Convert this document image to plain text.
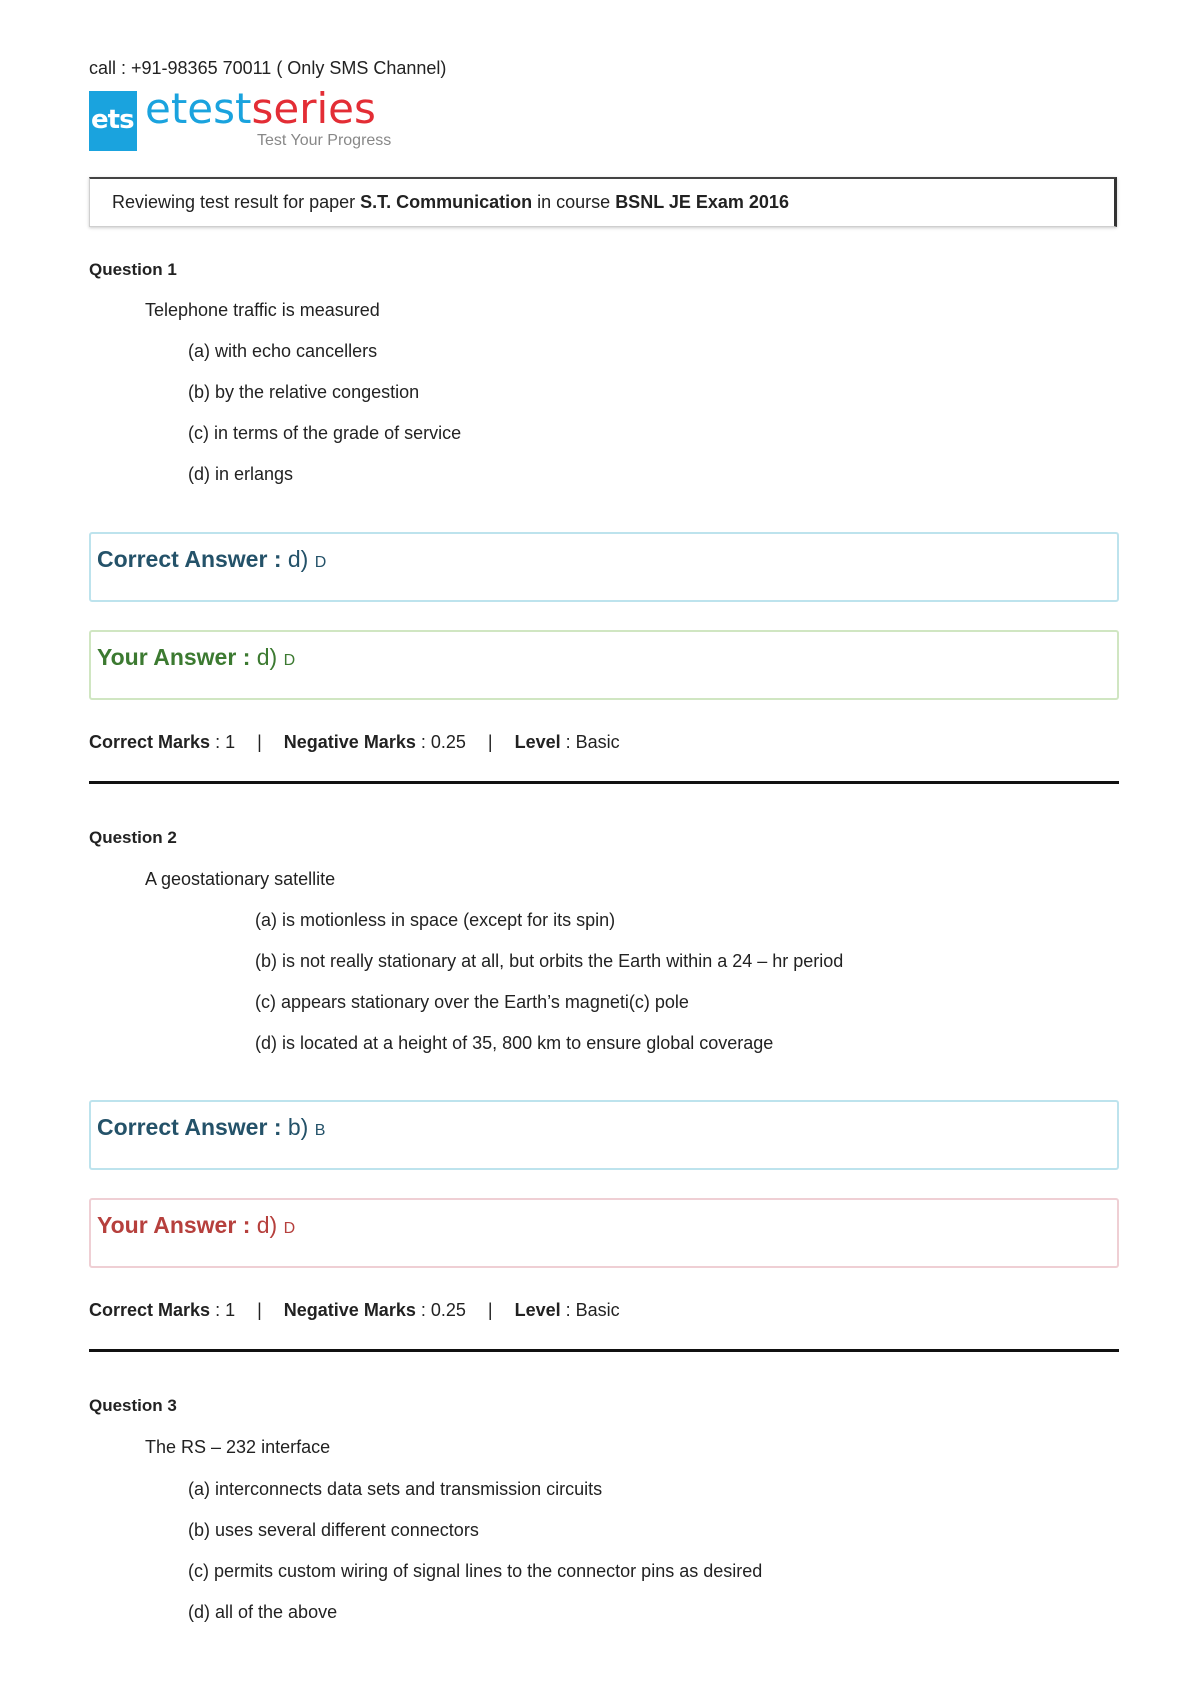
call : +91-98365 70011 ( Only SMS Channel)
ets etestseries
Test Your Progress
Reviewing test result for paper S.T. Communication in course BSNL JE Exam 2016
Question 1
Telephone traffic is measured
(a) with echo cancellers
(b) by the relative congestion
(c) in terms of the grade of service
(d) in erlangs
Correct Answer : d) D
Your Answer : d) D
Correct Marks : 1 | Negative Marks : 0.25 | Level : Basic
Question 2
A geostationary satellite
(a) is motionless in space (except for its spin)
(b) is not really stationary at all, but orbits the Earth within a 24 – hr period
(c) appears stationary over the Earth’s magneti(c) pole
(d) is located at a height of 35, 800 km to ensure global coverage
Correct Answer : b) B
Your Answer : d) D
Correct Marks : 1 | Negative Marks : 0.25 | Level : Basic
Question 3
The RS – 232 interface
(a) interconnects data sets and transmission circuits
(b) uses several different connectors
(c) permits custom wiring of signal lines to the connector pins as desired
(d) all of the above
